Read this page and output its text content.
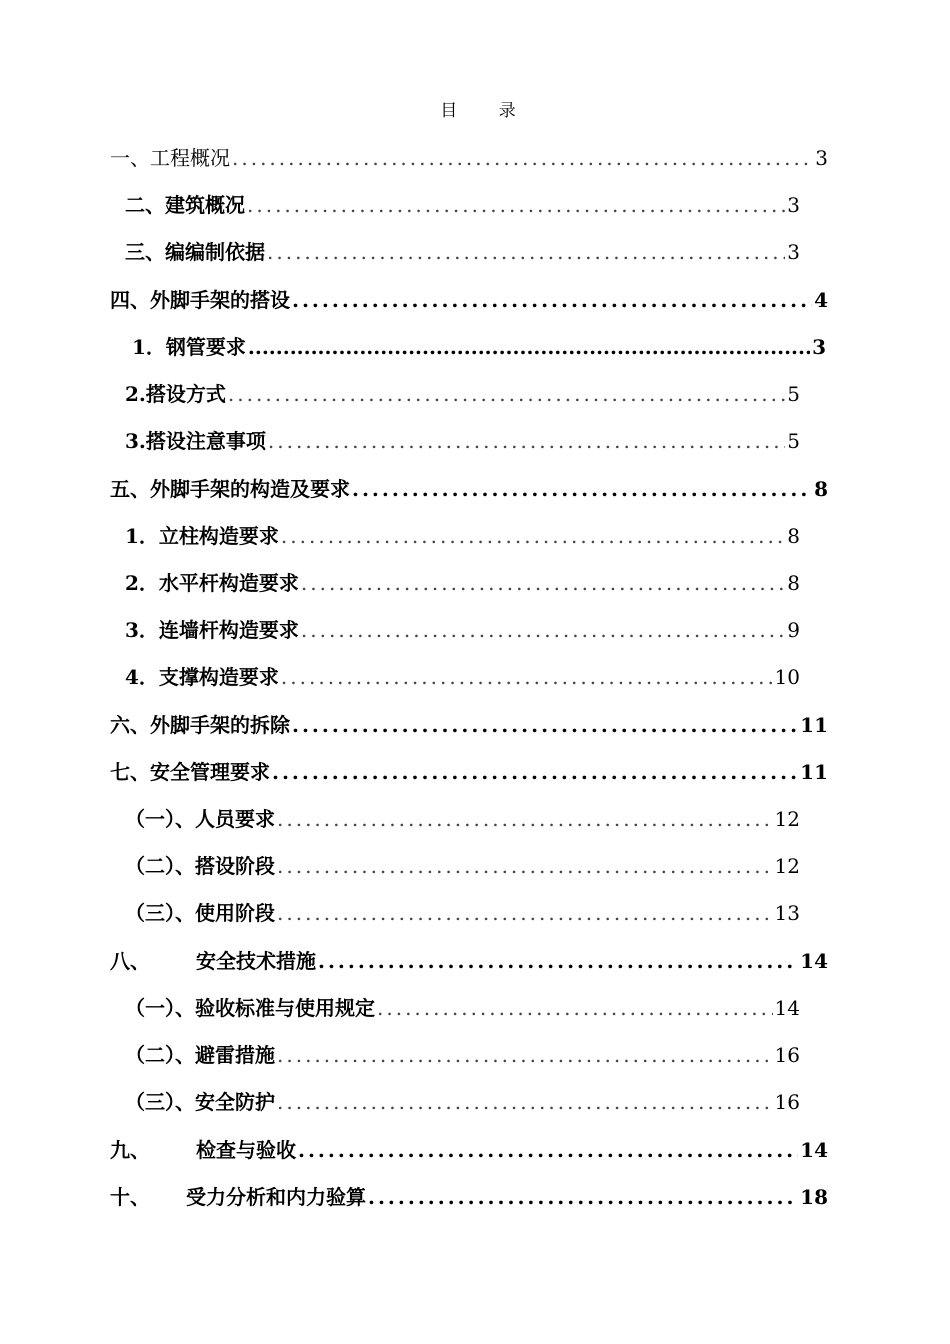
目 录
一、工程概况 .....	3
二、建筑概况 .....	3
三、编编制依据 .....	3
四、外脚手架的搭设 .....	4
1．钢管要求 .....	3
2.搭设方式 .....	5
3.搭设注意事项 .....	5
五、外脚手架的构造及要求 .....	8
1．立柱构造要求 .....	8
2．水平杆构造要求 .....	8
3．连墙杆构造要求 .....	9
4．支撑构造要求 .....	10
六、外脚手架的拆除 .....	11
七、安全管理要求 .....	11
（一）、人员要求 .....	12
（二）、搭设阶段 .....	12
（三）、使用阶段 .....	13
八、 安全技术措施 .....	14
（一）、验收标准与使用规定 .....	14
（二）、避雷措施 .....	16
（三）、安全防护 .....	16
九、 检查与验收 .....	14
十、 受力分析和内力验算 .....	18
